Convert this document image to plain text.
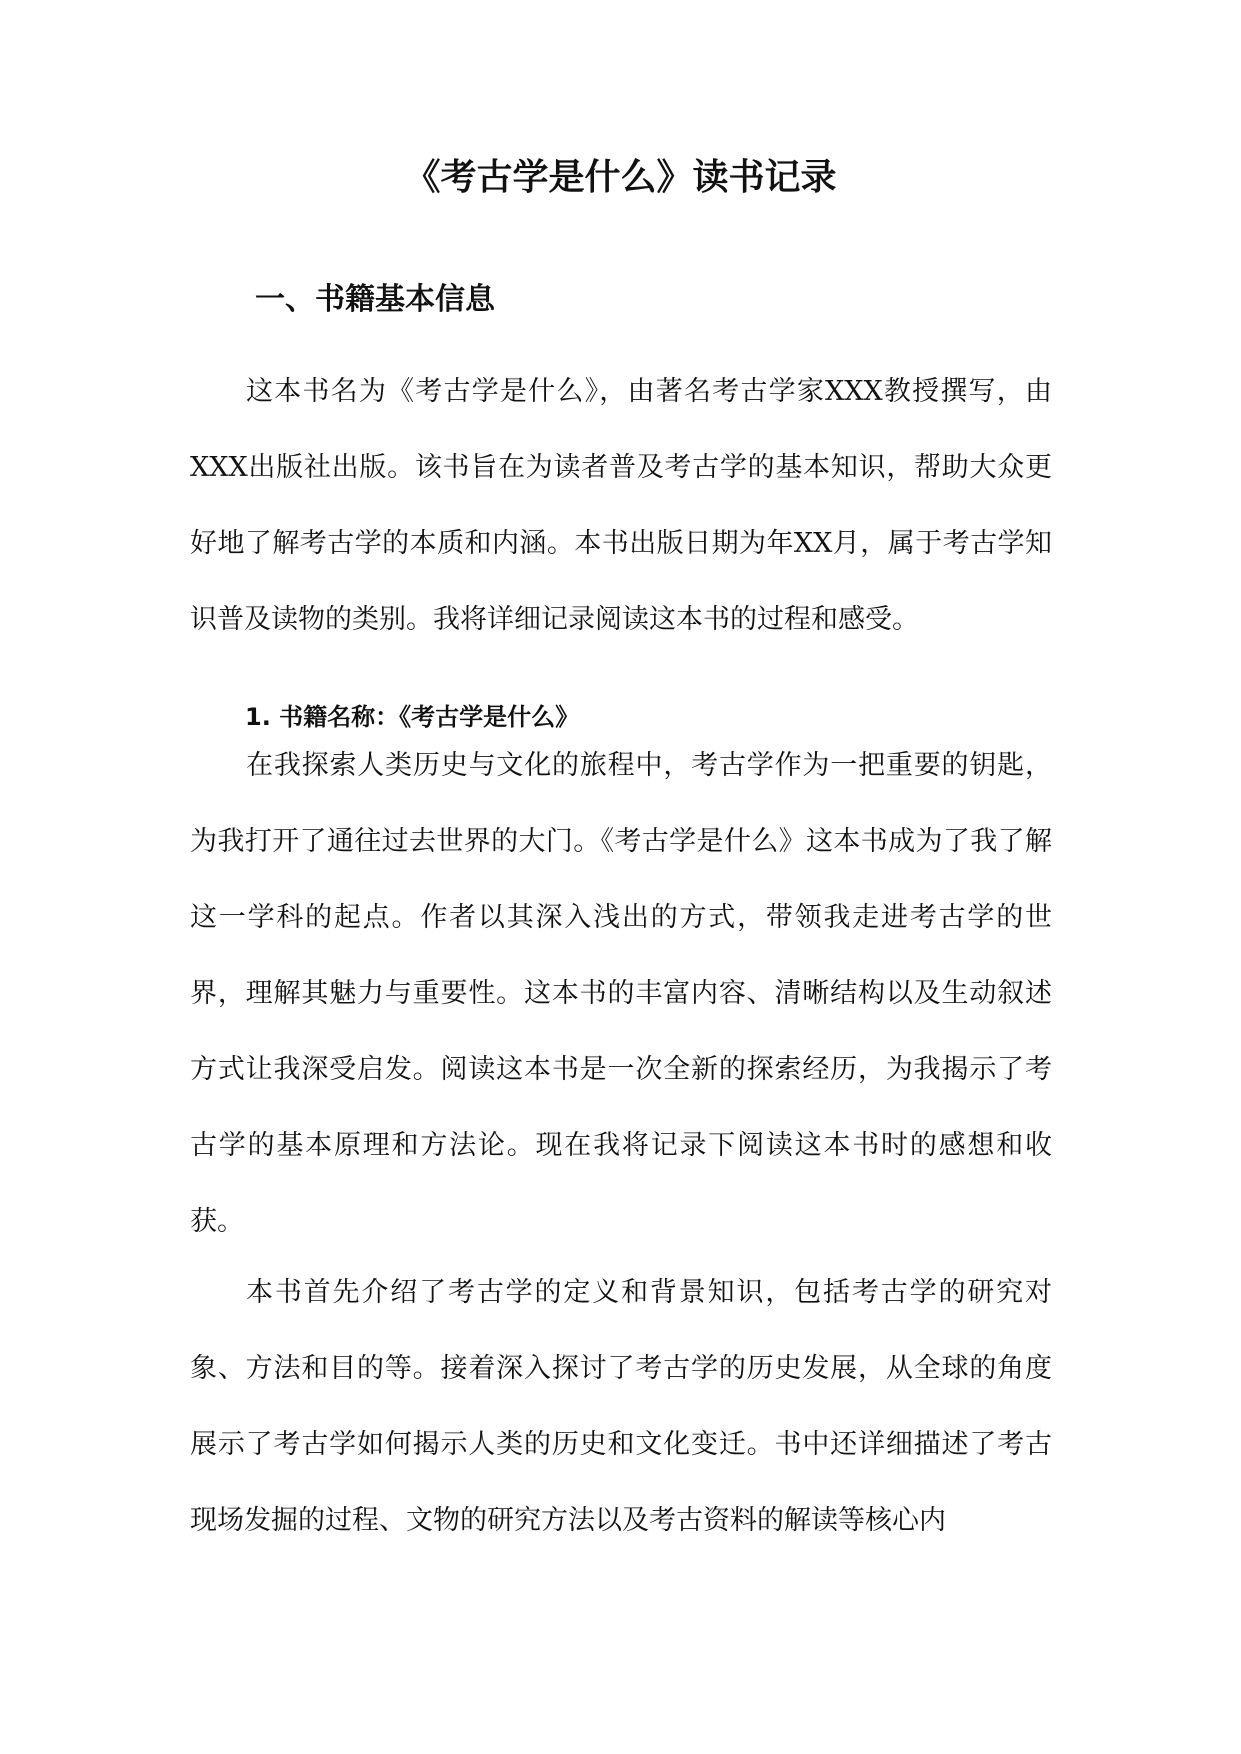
《考古学是什么》读书记录
一、书籍基本信息

这本书名为《考古学是什么》，由著名考古学家XXX教授撰写，由XXX出版社出版。该书旨在为读者普及考古学的基本知识，帮助大众更好地了解考古学的本质和内涵。本书出版日期为年XX月，属于考古学知识普及读物的类别。我将详细记录阅读这本书的过程和感受。

1. 书籍名称：《考古学是什么》

在我探索人类历史与文化的旅程中，考古学作为一把重要的钥匙，为我打开了通往过去世界的大门。《考古学是什么》这本书成为了我了解这一学科的起点。作者以其深入浅出的方式，带领我走进考古学的世界，理解其魅力与重要性。这本书的丰富内容、清晰结构以及生动叙述方式让我深受启发。阅读这本书是一次全新的探索经历，为我揭示了考古学的基本原理和方法论。现在我将记录下阅读这本书时的感想和收获。

本书首先介绍了考古学的定义和背景知识，包括考古学的研究对象、方法和目的等。接着深入探讨了考古学的历史发展，从全球的角度展示了考古学如何揭示人类的历史和文化变迁。书中还详细描述了考古现场发掘的过程、文物的研究方法以及考古资料的解读等核心内
